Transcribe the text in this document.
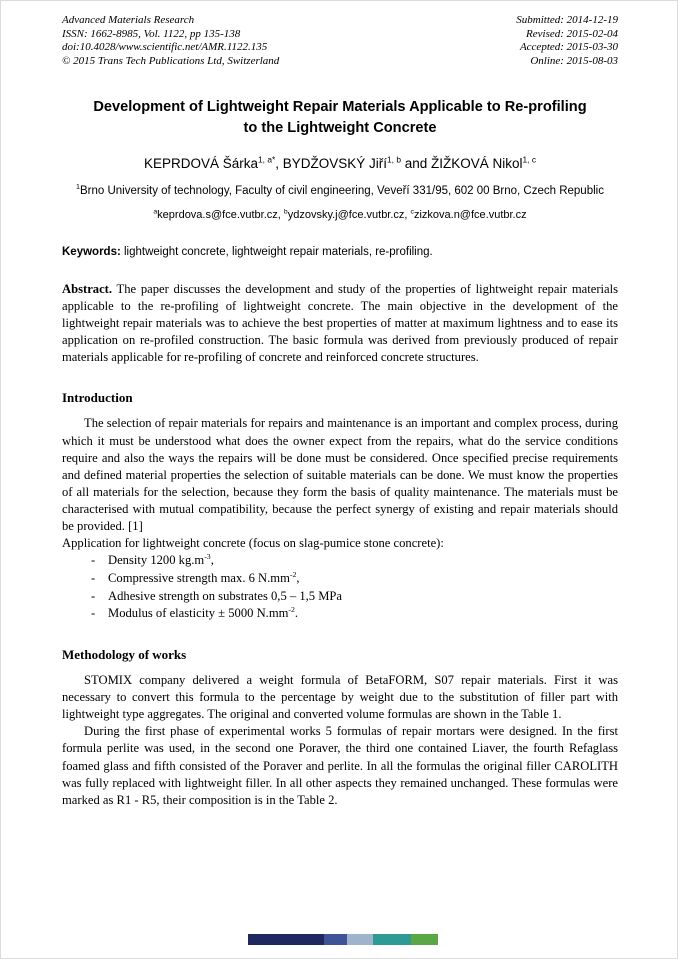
Advanced Materials Research
ISSN: 1662-8985, Vol. 1122, pp 135-138
doi:10.4028/www.scientific.net/AMR.1122.135
© 2015 Trans Tech Publications Ltd, Switzerland
Submitted: 2014-12-19
Revised: 2015-02-04
Accepted: 2015-03-30
Online: 2015-08-03
Development of Lightweight Repair Materials Applicable to Re-profiling
to the Lightweight Concrete
KEPRDOVÁ Šárka$^{1, a*}$, BYDŽOVSKÝ Jiří$^{1, b}$ and ŽIŽKOVÁ Nikol$^{1, c}$
$^1$Brno University of technology, Faculty of civil engineering, Veveří 331/95, 602 00 Brno, Czech Republic
$^a$keprdova.s@fce.vutbr.cz, $^b$ydzovsky.j@fce.vutbr.cz, $^c$zizkova.n@fce.vutbr.cz

Keywords: lightweight concrete, lightweight repair materials, re-profiling.

Abstract. The paper discusses the development and study of the properties of lightweight repair materials applicable to the re-profiling of lightweight concrete. The main objective in the development of the lightweight repair materials was to achieve the best properties of matter at maximum lightness and to ease its application on re-profiled construction. The basic formula was derived from previously produced of repair materials applicable for re-profiling of concrete and reinforced concrete structures.

Introduction

The selection of repair materials for repairs and maintenance is an important and complex process, during which it must be understood what does the owner expect from the repairs, what do the service conditions require and also the ways the repairs will be done must be considered. Once specified precise requirements and defined material properties the selection of suitable materials can be done. We must know the properties of all materials for the selection, because they form the basis of quality maintenance. The materials must be characterised with mutual compatibility, because the perfect synergy of existing and repair materials should be provided. [1]

Application for lightweight concrete (focus on slag-pumice stone concrete):

-	Density 1200 $kg.m^{-3}$,
-	Compressive strength max. 6 $N.mm^{-2}$,
-	Adhesive strength on substrates 0,5 – 1,5 MPa
-	Modulus of elasticity ± 5000 $N.mm^{-2}$.
Methodology of works

STOMIX company delivered a weight formula of BetaFORM, S07 repair materials. First it was necessary to convert this formula to the percentage by weight due to the substitution of filler part with lightweight type aggregates. The original and converted volume formulas are shown in the Table 1.

During the first phase of experimental works 5 formulas of repair mortars were designed. In the first formula perlite was used, in the second one Poraver, the third one contained Liaver, the fourth Refaglass foamed glass and fifth consisted of the Poraver and perlite. In all the formulas the original filler CAROLITH was fully replaced with lightweight filler. In all other aspects they remained unchanged. These formulas were marked as R1 - R5, their composition is in the Table 2.
